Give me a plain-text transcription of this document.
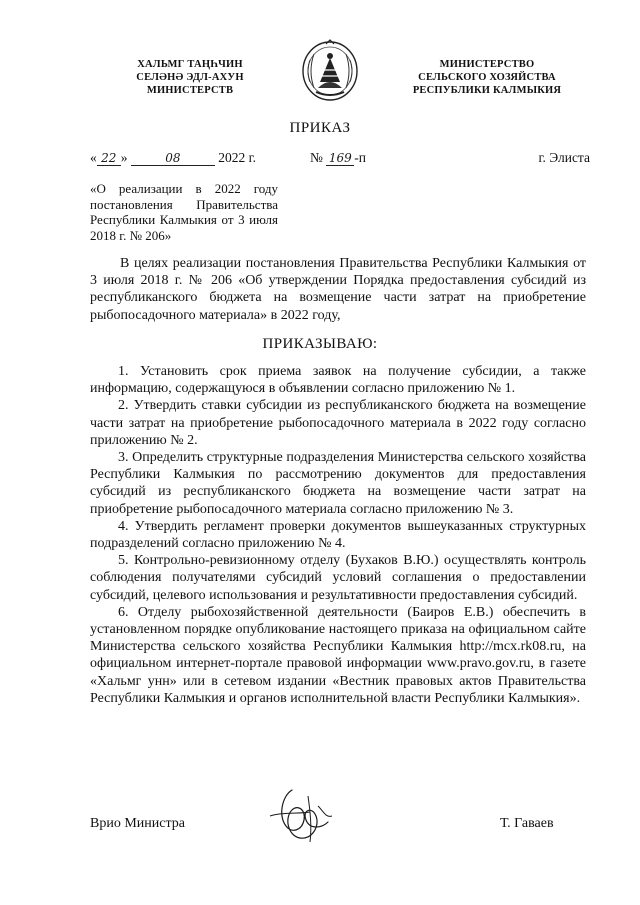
ХАЛЬМГ ТАҢҺЧИН
СЕЛӘНӘ ЭДЛ-АХУН
МИНИСТЕРСТВ
МИНИСТЕРСТВО
СЕЛЬСКОГО ХОЗЯЙСТВА
РЕСПУБЛИКИ КАЛМЫКИЯ
ПРИКАЗ
« 22 »	08	2022 г.	№ 169 -п	г. Элиста
«О реализации в 2022 году постановления Правительства Республики Калмыкия от 3 июля 2018 г. № 206»

В целях реализации постановления Правительства Республики Калмыкия от 3 июля 2018 г. № 206 «Об утверждении Порядка предоставления субсидий из республиканского бюджета на возмещение части затрат на приобретение рыбопосадочного материала» в 2022 году,

ПРИКАЗЫВАЮ:

1. Установить срок приема заявок на получение субсидии, а также информацию, содержащуюся в объявлении согласно приложению № 1.

2. Утвердить ставки субсидии из республиканского бюджета на возмещение части затрат на приобретение рыбопосадочного материала в 2022 году согласно приложению № 2.

3. Определить структурные подразделения Министерства сельского хозяйства Республики Калмыкия по рассмотрению документов для предоставления субсидий из республиканского бюджета на возмещение части затрат на приобретение рыбопосадочного материала согласно приложению № 3.

4. Утвердить регламент проверки документов вышеуказанных структурных подразделений согласно приложению № 4.

5. Контрольно-ревизионному отделу (Бухаков В.Ю.) осуществлять контроль соблюдения получателями субсидий условий соглашения о предоставлении субсидий, целевого использования и результативности предоставления субсидий.

6. Отделу рыбохозяйственной деятельности (Баиров Е.В.) обеспечить в установленном порядке опубликование настоящего приказа на официальном сайте Министерства сельского хозяйства Республики Калмыкия http://mcx.rk08.ru, на официальном интернет-портале правовой информации www.pravo.gov.ru, в газете «Хальмг унн» или в сетевом издании «Вестник правовых актов Правительства Республики Калмыкия и органов исполнительной власти Республики Калмыкия».

Врио Министра	Т. Гаваев
